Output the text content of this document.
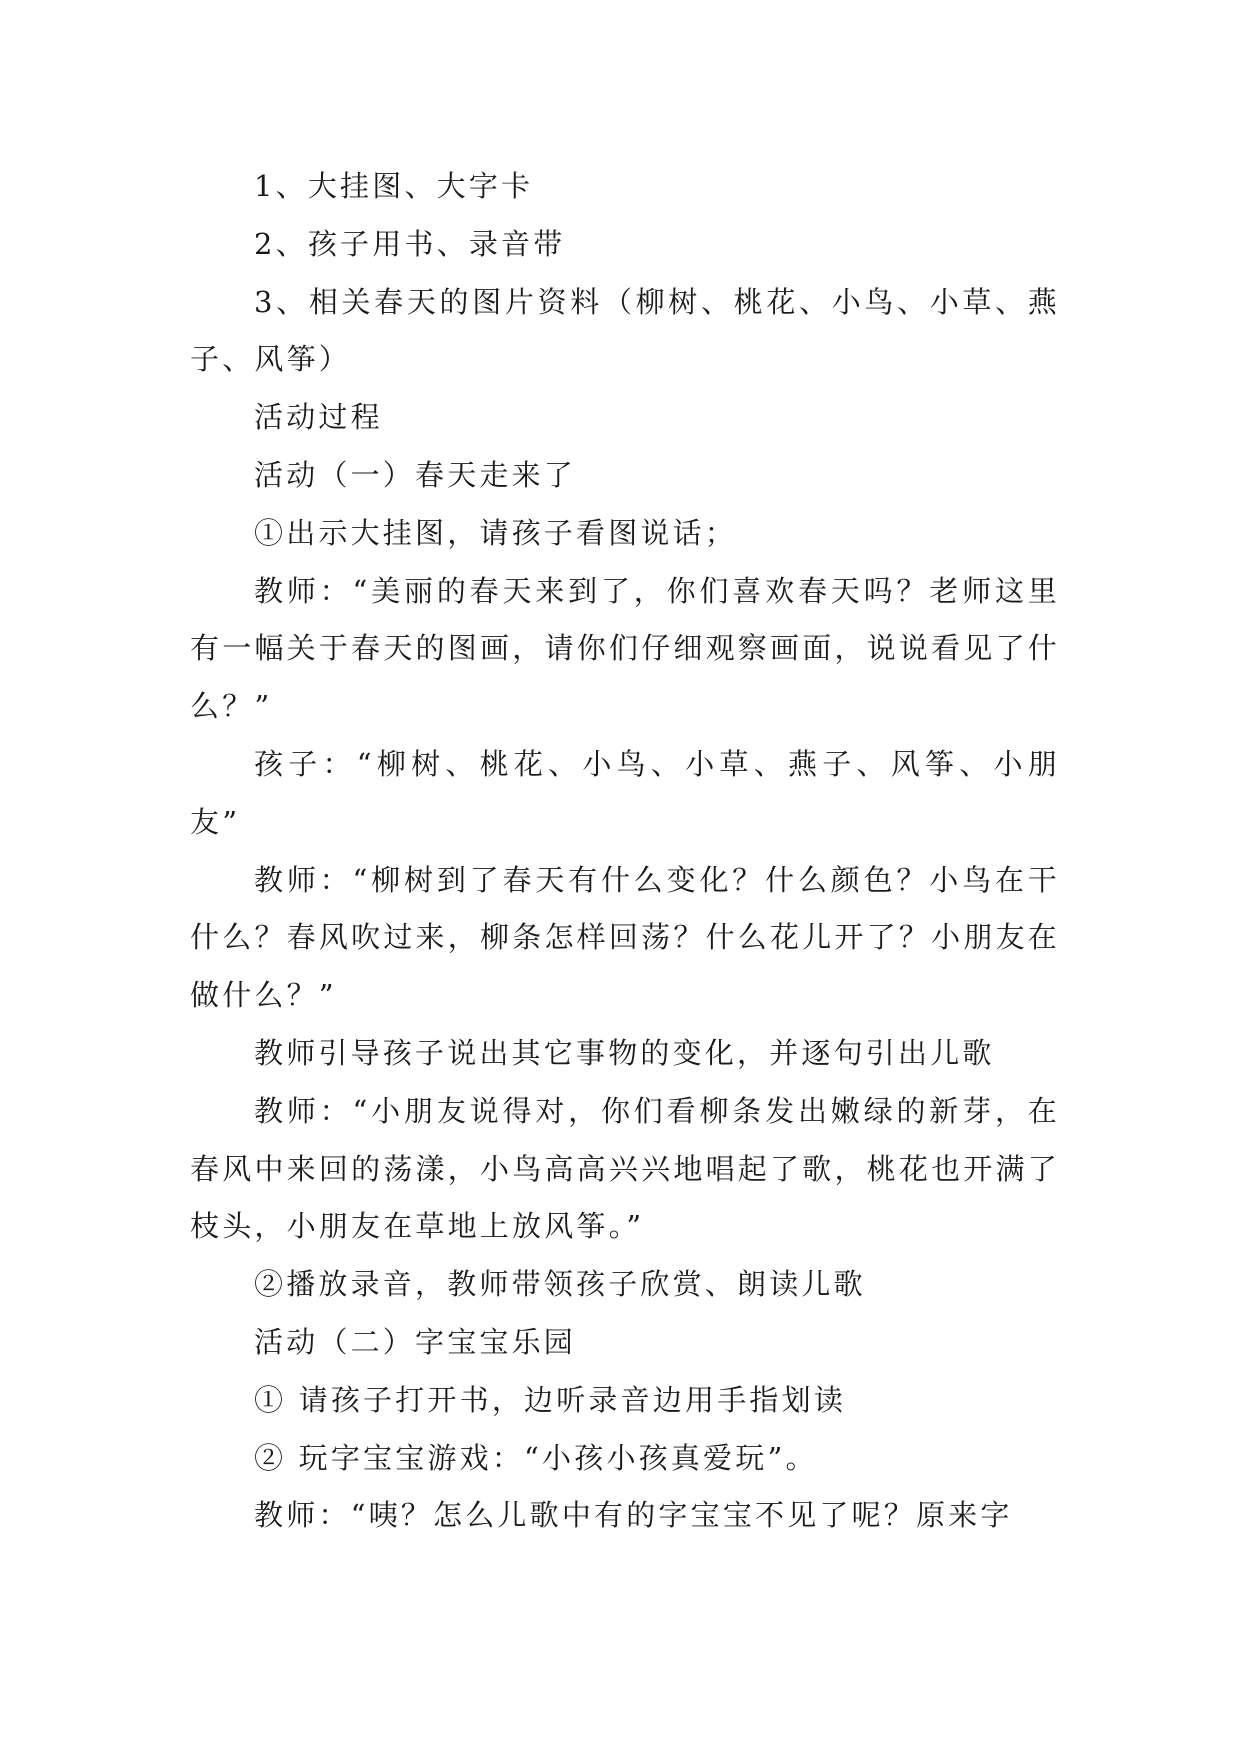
1、大挂图、大字卡

2、孩子用书、录音带

3、相关春天的图片资料（柳树、桃花、小鸟、小草、燕子、风筝）

活动过程

活动（一）春天走来了

①出示大挂图，请孩子看图说话；

教师：“美丽的春天来到了，你们喜欢春天吗？老师这里有一幅关于春天的图画，请你们仔细观察画面，说说看见了什么？”

孩子：“柳树、桃花、小鸟、小草、燕子、风筝、小朋友”

教师：“柳树到了春天有什么变化？什么颜色？小鸟在干什么？春风吹过来，柳条怎样回荡？什么花儿开了？小朋友在做什么？”

教师引导孩子说出其它事物的变化，并逐句引出儿歌

教师：“小朋友说得对，你们看柳条发出嫩绿的新芽，在春风中来回的荡漾，小鸟高高兴兴地唱起了歌，桃花也开满了枝头，小朋友在草地上放风筝。”

②播放录音，教师带领孩子欣赏、朗读儿歌

活动（二）字宝宝乐园

① 请孩子打开书，边听录音边用手指划读

② 玩字宝宝游戏：“小孩小孩真爱玩”。

教师：“咦？怎么儿歌中有的字宝宝不见了呢？原来字
